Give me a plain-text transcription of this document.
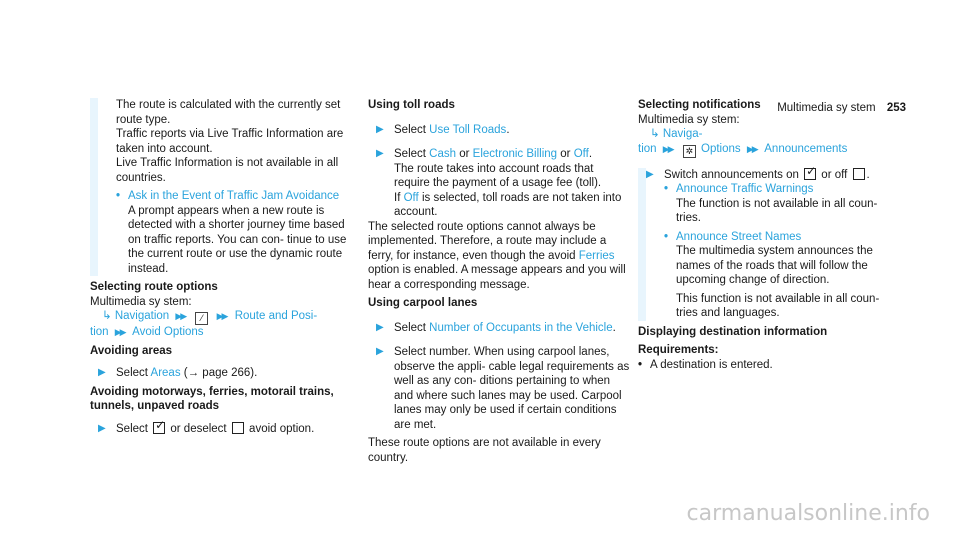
Multimedia sy stem 253

The route is calculated with the currently set route type.

Traffic reports via Live Traffic Information are taken into account.

Live Traffic Information is not available in all countries.

• Ask in the Event of Traffic Jam Avoidance

A prompt appears when a new route is detected with a shorter journey time based on traffic reports. You can con- tinue to use the current route or use the dynamic route instead.

Selecting route options

Multimedia sy stem:

↳ Navigation ▶▶ ⁄ ▶▶ Route and Posi-

tion ▶▶ Avoid Options

Avoiding areas
▶ Select Areas (→ page 266).
Avoiding motorways, ferries, motorail trains, tunnels, unpaved roads
▶ Select ✓ or deselect avoid option.
Using toll roads
▶ Select Use Toll Roads.
▶ Select Cash or Electronic Billing or Off.

The route takes into account roads that require the payment of a usage fee (toll).

If Off is selected, toll roads are not taken into account.

The selected route options cannot always be implemented. Therefore, a route may include a ferry, for instance, even though the avoid Ferries option is enabled. A message appears and you will hear a corresponding message.

Using carpool lanes
▶ Select Number of Occupants in the Vehicle.
▶ Select number. When using carpool lanes, observe the appli- cable legal requirements as well as any con- ditions pertaining to when and where such lanes may be used. Carpool lanes may only be used if certain conditions are met.

These route options are not available in every country.

Selecting notifications

Multimedia sy stem:

↳ Naviga-

tion ▶▶ ✲ Options ▶▶ Announcements

▶ Switch announcements on ✓ or off .
• Announce Traffic Warnings

The function is not available in all coun- tries.

• Announce Street Names

The multimedia system announces the names of the roads that will follow the upcoming change of direction.

This function is not available in all coun- tries and languages.

Displaying destination information
Requirements:
• A destination is entered.
carmanualsonline.info
